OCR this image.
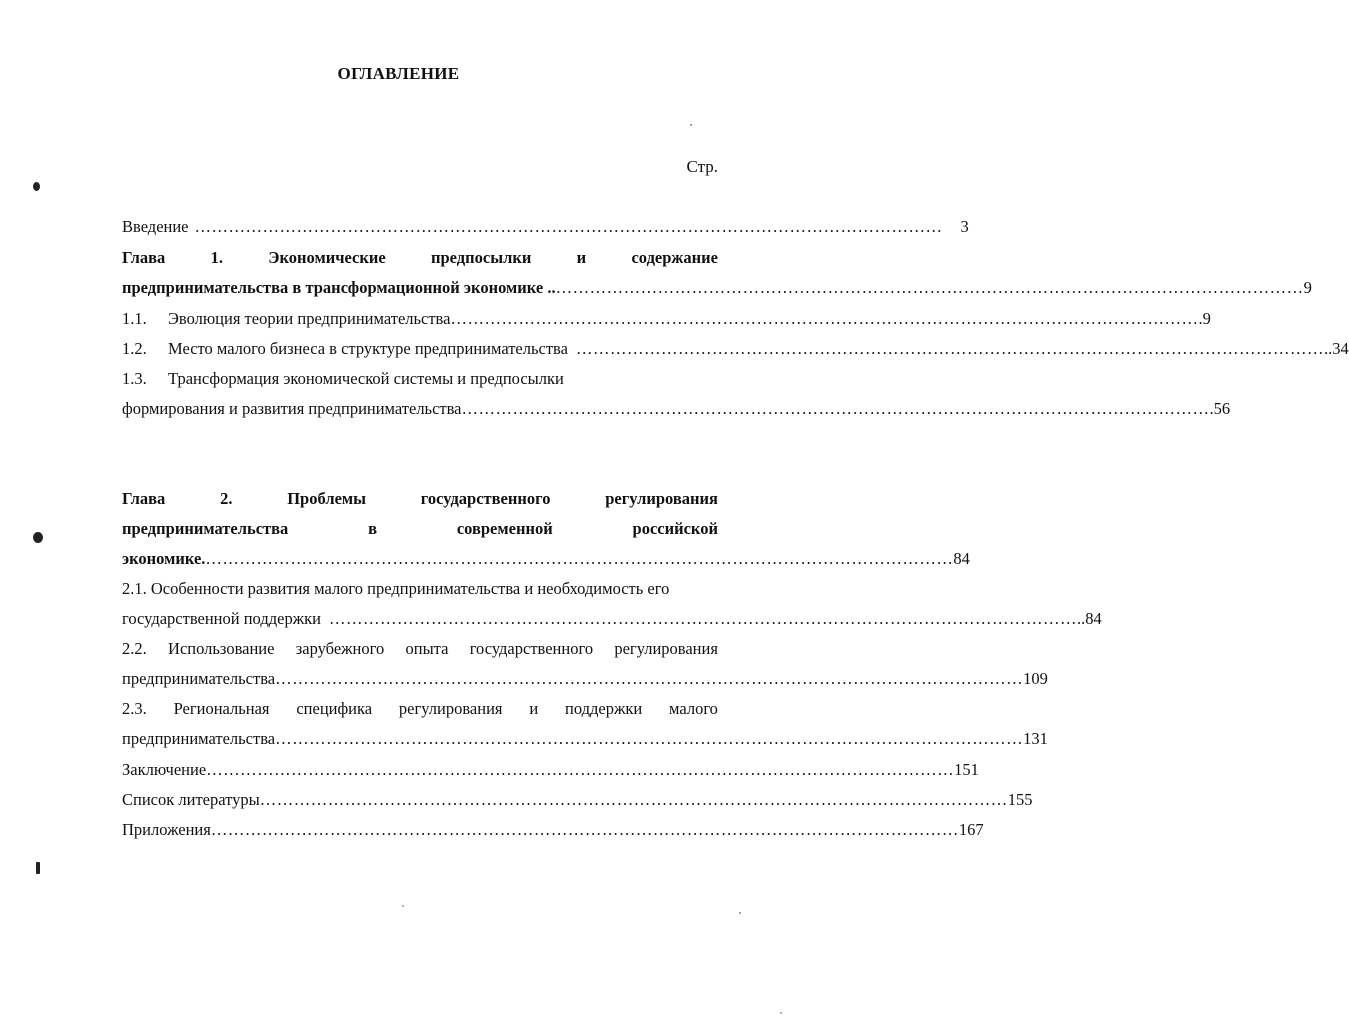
ОГЛАВЛЕНИЕ
Стр.
Введение ……………………………………………………………………………………………………………………	3
Глава	1.	Экономические	предпосылки	и	содержание
предпринимательства в трансформационной экономике .. …………………………………………………………………………………………………………………… 9
1.1. Эволюция теории предпринимательства …………………………………………………………………………………………………………………… .9
1.2. Место малого бизнеса в структуре предпринимательства …………………………………………………………………………………………………………………… ..34
1.3. Трансформация экономической системы и предпосылки
формирования и развития предпринимательства …………………………………………………………………………………………………………………… .56
Глава	2.	Проблемы	государственного	регулирования
предпринимательства	в	современной	российской
экономике. …………………………………………………………………………………………………………………… 84
2.1. Особенности развития малого предпринимательства и необходимость его
государственной поддержки …………………………………………………………………………………………………………………… ..84
2.2. Использование зарубежного опыта государственного регулирования
предпринимательства …………………………………………………………………………………………………………………… 109
2.3. Региональная специфика регулирования и поддержки малого
предпринимательства …………………………………………………………………………………………………………………… 131
Заключение …………………………………………………………………………………………………………………… 151
Список литературы …………………………………………………………………………………………………………………… 155
Приложения …………………………………………………………………………………………………………………… 167
